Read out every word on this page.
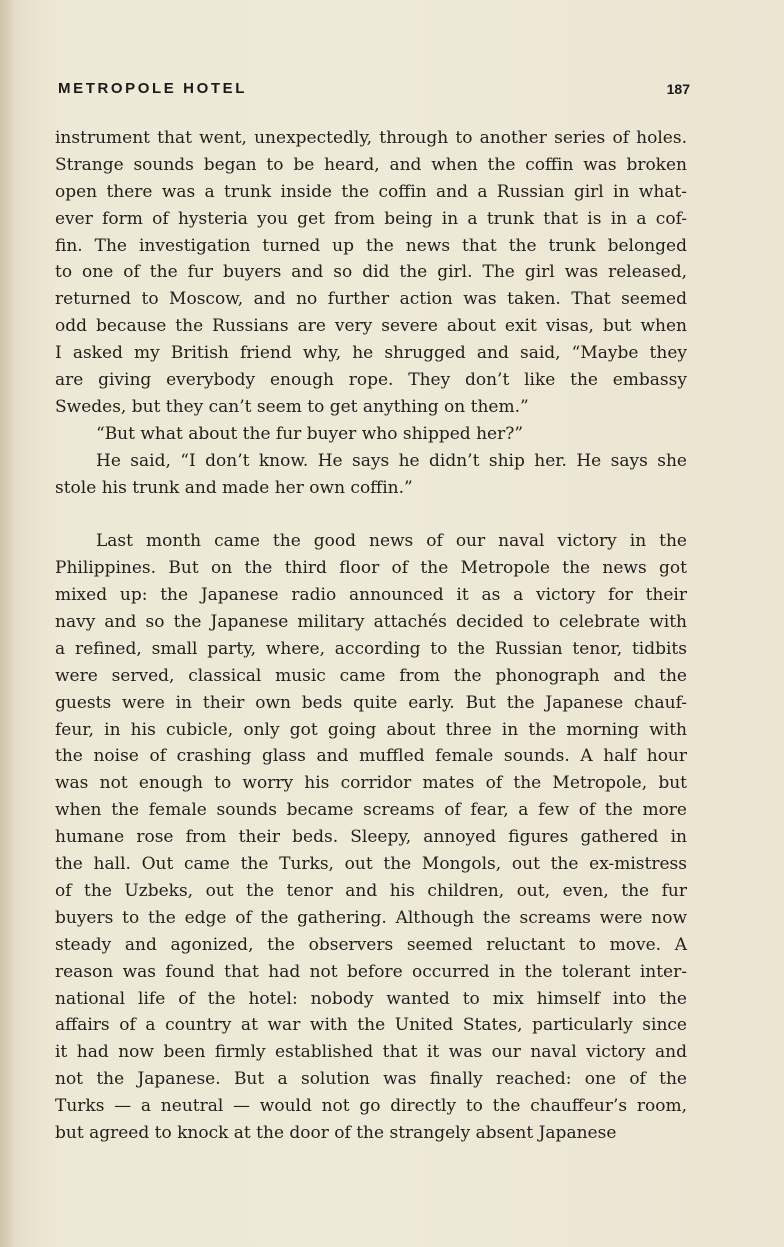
METROPOLE HOTEL	187
instrument that went, unexpectedly, through to another series of holes.
Strange sounds began to be heard, and when the coffin was broken
open there was a trunk inside the coffin and a Russian girl in what-
ever form of hysteria you get from being in a trunk that is in a cof-
fin. The investigation turned up the news that the trunk belonged
to one of the fur buyers and so did the girl. The girl was released,
returned to Moscow, and no further action was taken. That seemed
odd because the Russians are very severe about exit visas, but when
I asked my British friend why, he shrugged and said, “Maybe they
are giving everybody enough rope. They don’t like the embassy
Swedes, but they can’t seem to get anything on them.”
“But what about the fur buyer who shipped her?”
He said, “I don’t know. He says he didn’t ship her. He says she
stole his trunk and made her own coffin.”
Last month came the good news of our naval victory in the
Philippines. But on the third floor of the Metropole the news got
mixed up: the Japanese radio announced it as a victory for their
navy and so the Japanese military attachés decided to celebrate with
a refined, small party, where, according to the Russian tenor, tidbits
were served, classical music came from the phonograph and the
guests were in their own beds quite early. But the Japanese chauf-
feur, in his cubicle, only got going about three in the morning with
the noise of crashing glass and muffled female sounds. A half hour
was not enough to worry his corridor mates of the Metropole, but
when the female sounds became screams of fear, a few of the more
humane rose from their beds. Sleepy, annoyed figures gathered in
the hall. Out came the Turks, out the Mongols, out the ex-mistress
of the Uzbeks, out the tenor and his children, out, even, the fur
buyers to the edge of the gathering. Although the screams were now
steady and agonized, the observers seemed reluctant to move. A
reason was found that had not before occurred in the tolerant inter-
national life of the hotel: nobody wanted to mix himself into the
affairs of a country at war with the United States, particularly since
it had now been firmly established that it was our naval victory and
not the Japanese. But a solution was finally reached: one of the
Turks — a neutral — would not go directly to the chauffeur’s room,
but agreed to knock at the door of the strangely absent Japanese
